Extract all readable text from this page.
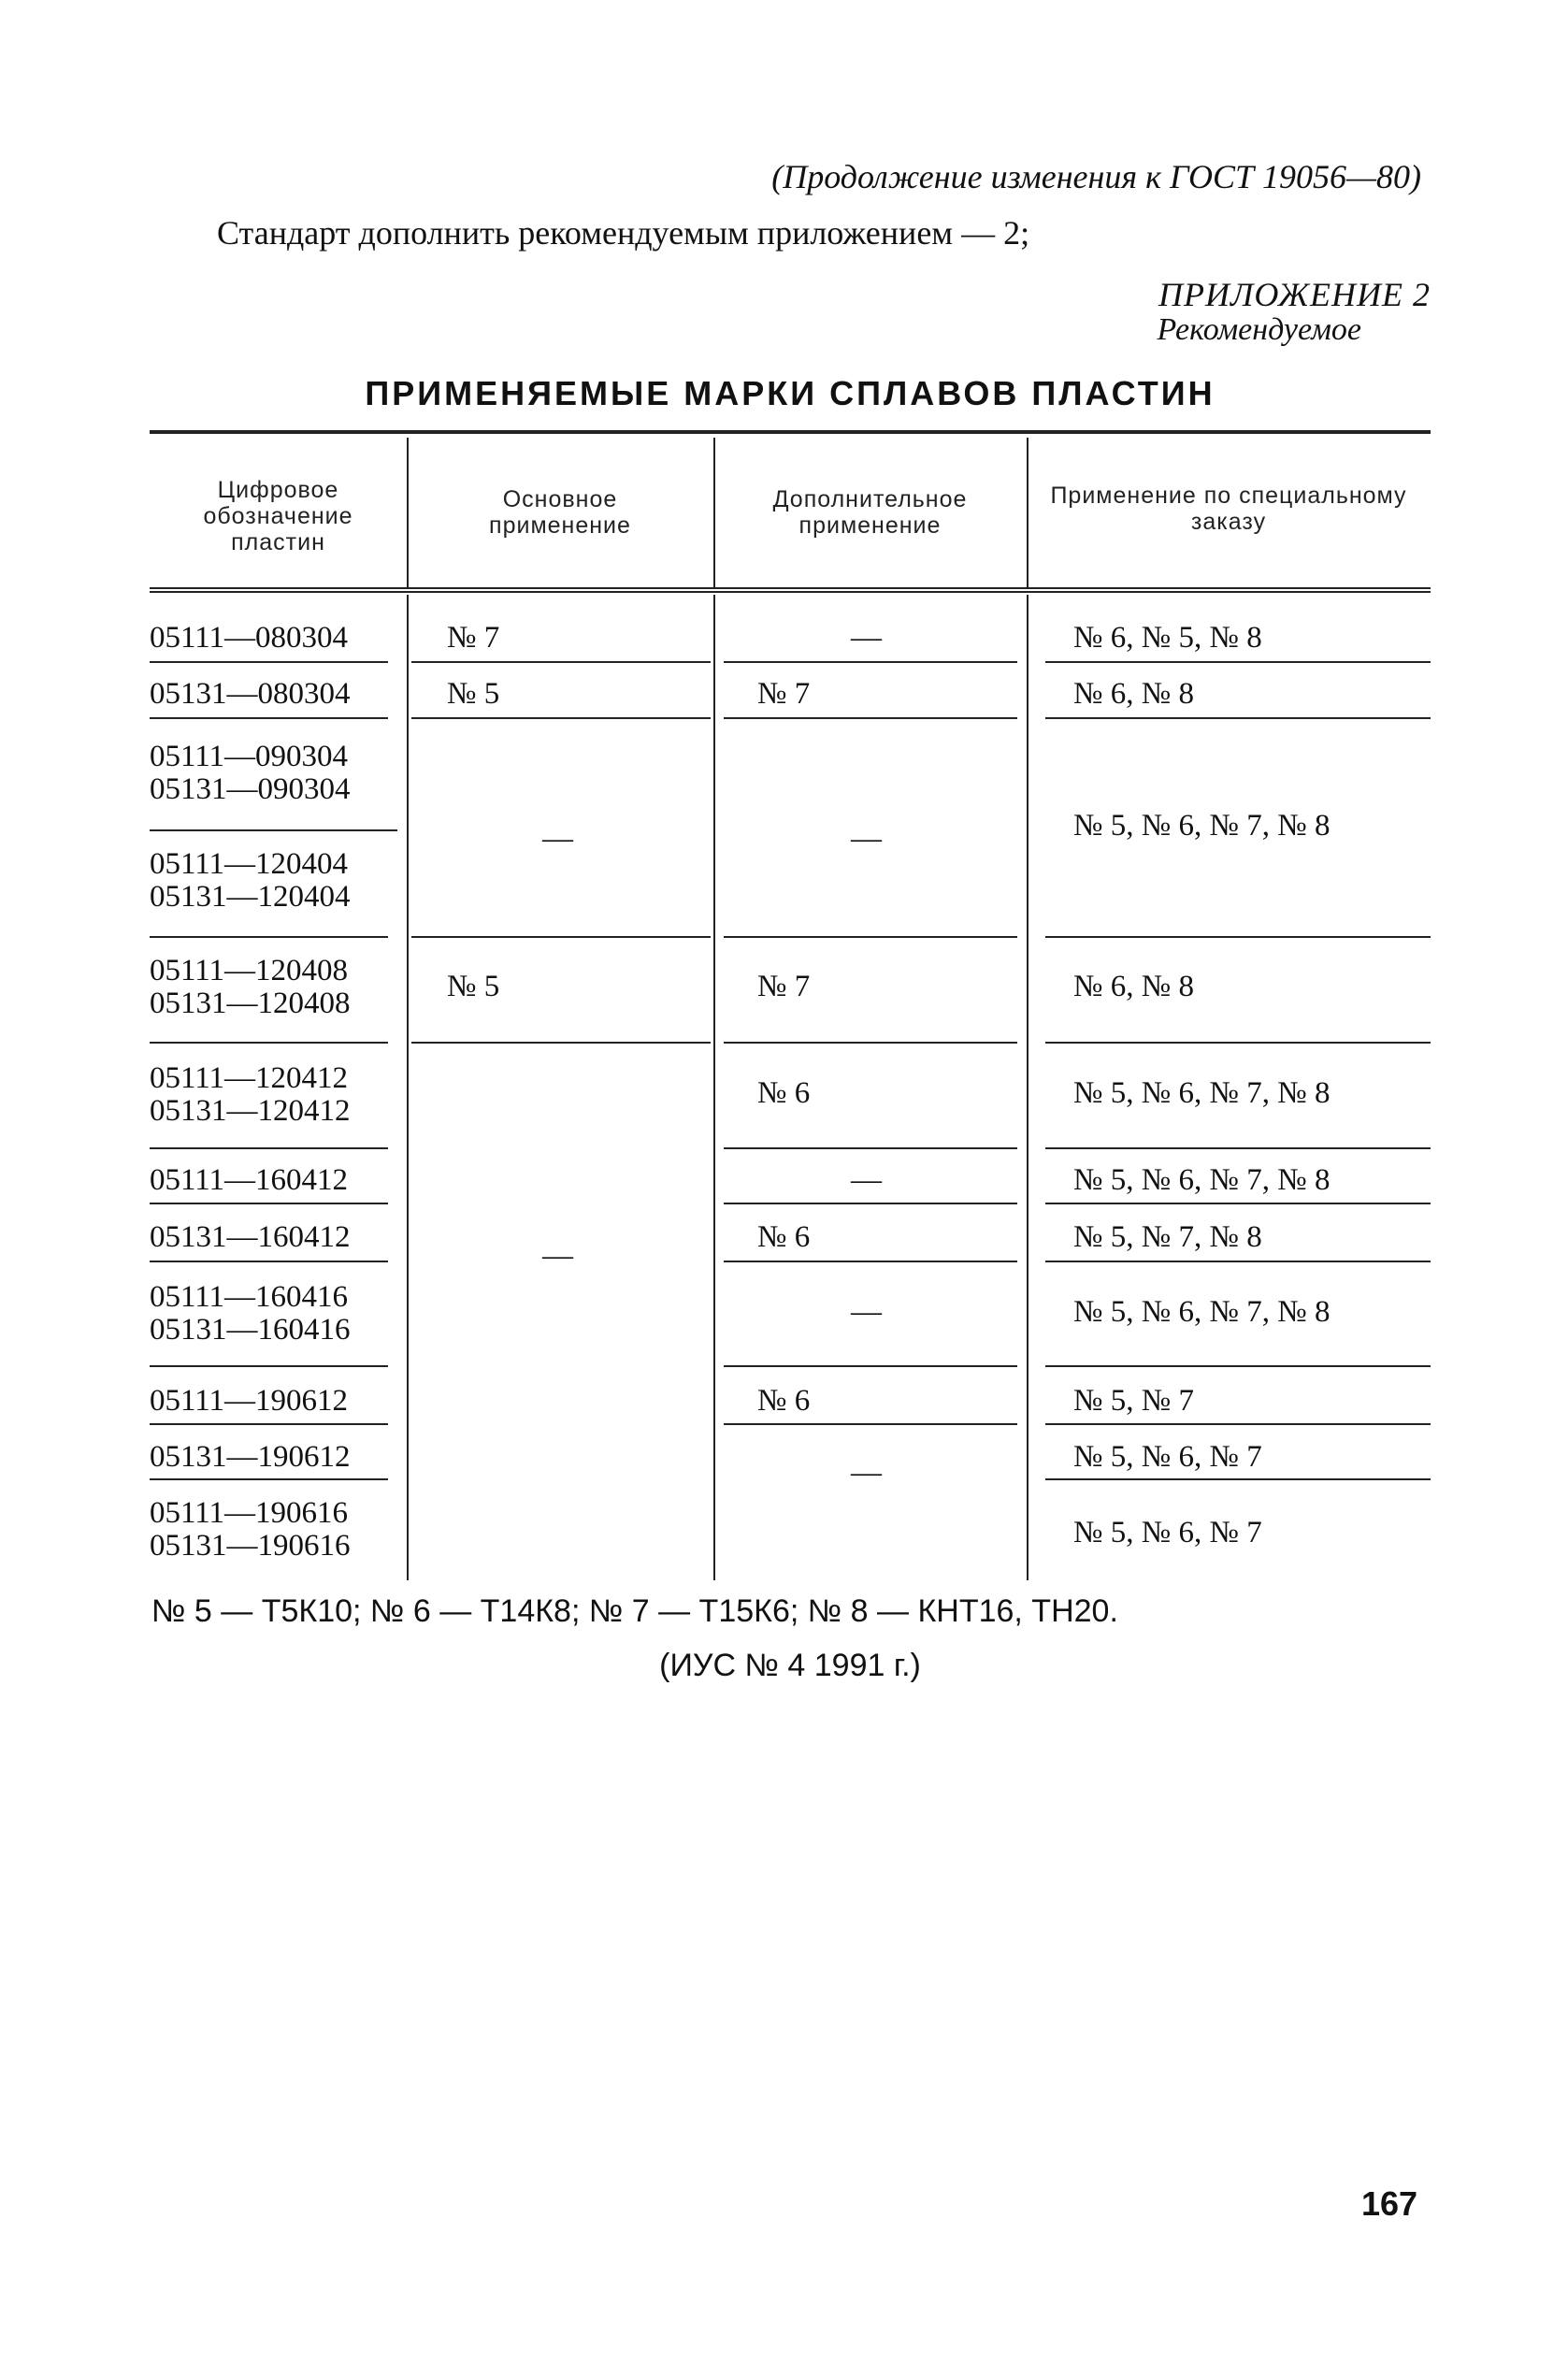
(Продолжение изменения к ГОСТ 19056—80)
Стандарт дополнить рекомендуемым приложением — 2;
ПРИЛОЖЕНИЕ 2
Рекомендуемое
ПРИМЕНЯЕМЫЕ МАРКИ СПЛАВОВ ПЛАСТИН
Цифровое
обозначение
пластин
Основное
применение
Дополнительное
применение
Применение по специальному
заказу
05111—080304
05131—080304
05111—090304
05131—090304
05111—120404
05131—120404
05111—120408
05131—120408
05111—120412
05131—120412
05111—160412
05131—160412
05111—160416
05131—160416
05111—190612
05131—190612
05111—190616
05131—190616
№ 7
№ 5
—
№ 5
—
—
№ 7
—
№ 7
№ 6
—
№ 6
—
№ 6
—
№ 6, № 5, № 8
№ 6, № 8
№ 5, № 6, № 7, № 8
№ 6, № 8
№ 5, № 6, № 7, № 8
№ 5, № 6, № 7, № 8
№ 5, № 7, № 8
№ 5, № 6, № 7, № 8
№ 5, № 7
№ 5, № 6, № 7
№ 5, № 6, № 7
№ 5 — Т5К10; № 6 — Т14К8; № 7 — Т15К6; № 8 — КНТ16, ТН20.
(ИУС № 4 1991 г.)
167
